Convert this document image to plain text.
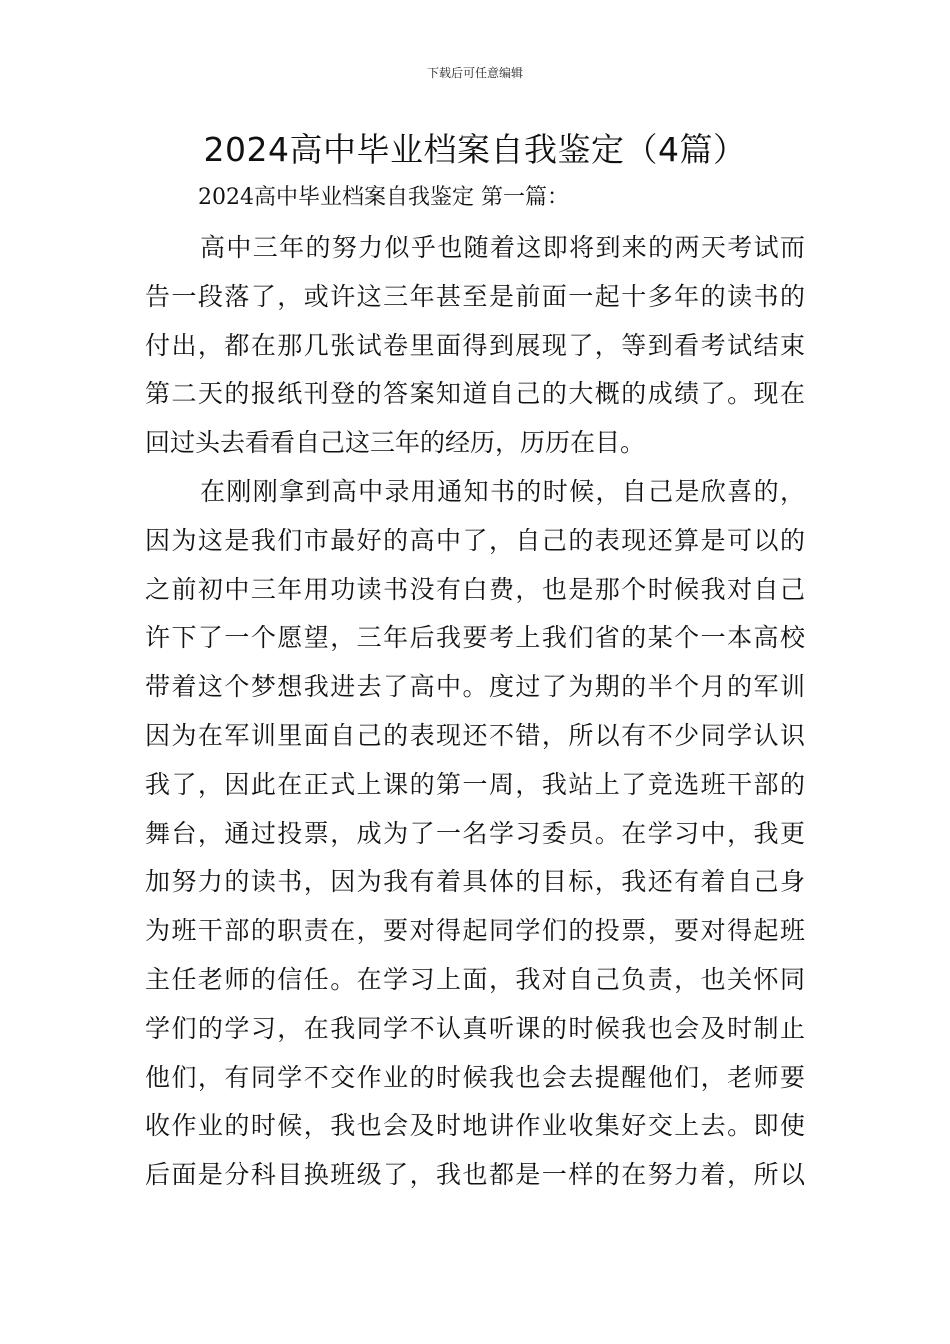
下载后可任意编辑
2024高中毕业档案自我鉴定（4篇）

2024高中毕业档案自我鉴定 第一篇：

高中三年的努力似乎也随着这即将到来的两天考试而
告一段落了，或许这三年甚至是前面一起十多年的读书的
付出，都在那几张试卷里面得到展现了，等到看考试结束
第二天的报纸刊登的答案知道自己的大概的成绩了。现在
回过头去看看自己这三年的经历，历历在目。

在刚刚拿到高中录用通知书的时候，自己是欣喜的，
因为这是我们市最好的高中了，自己的表现还算是可以的
之前初中三年用功读书没有白费，也是那个时候我对自己
许下了一个愿望，三年后我要考上我们省的某个一本高校
带着这个梦想我进去了高中。度过了为期的半个月的军训
因为在军训里面自己的表现还不错，所以有不少同学认识
我了，因此在正式上课的第一周，我站上了竞选班干部的
舞台，通过投票，成为了一名学习委员。在学习中，我更
加努力的读书，因为我有着具体的目标，我还有着自己身
为班干部的职责在，要对得起同学们的投票，要对得起班
主任老师的信任。在学习上面，我对自己负责，也关怀同
学们的学习，在我同学不认真听课的时候我也会及时制止
他们，有同学不交作业的时候我也会去提醒他们，老师要
收作业的时候，我也会及时地讲作业收集好交上去。即使
后面是分科目换班级了，我也都是一样的在努力着，所以
